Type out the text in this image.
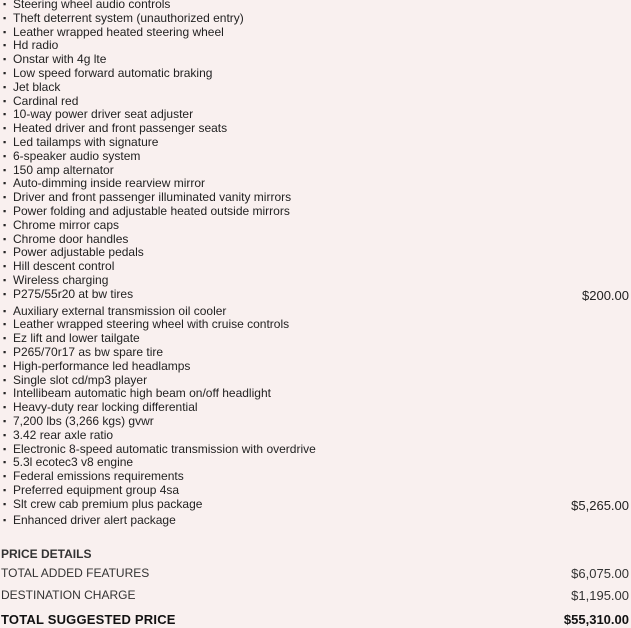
▪ Steering wheel audio controls
▪ Theft deterrent system (unauthorized entry)
▪ Leather wrapped heated steering wheel
▪ Hd radio
▪ Onstar with 4g lte
▪ Low speed forward automatic braking
▪ Jet black
▪ Cardinal red
▪ 10-way power driver seat adjuster
▪ Heated driver and front passenger seats
▪ Led tailamps with signature
▪ 6-speaker audio system
▪ 150 amp alternator
▪ Auto-dimming inside rearview mirror
▪ Driver and front passenger illuminated vanity mirrors
▪ Power folding and adjustable heated outside mirrors
▪ Chrome mirror caps
▪ Chrome door handles
▪ Power adjustable pedals
▪ Hill descent control
▪ Wireless charging
▪ P275/55r20 at bw tires	$200.00
▪ Auxiliary external transmission oil cooler
▪ Leather wrapped steering wheel with cruise controls
▪ Ez lift and lower tailgate
▪ P265/70r17 as bw spare tire
▪ High-performance led headlamps
▪ Single slot cd/mp3 player
▪ Intellibeam automatic high beam on/off headlight
▪ Heavy-duty rear locking differential
▪ 7,200 lbs (3,266 kgs) gvwr
▪ 3.42 rear axle ratio
▪ Electronic 8-speed automatic transmission with overdrive
▪ 5.3l ecotec3 v8 engine
▪ Federal emissions requirements
▪ Preferred equipment group 4sa
▪ Slt crew cab premium plus package	$5,265.00
▪ Enhanced driver alert package
PRICE DETAILS
TOTAL ADDED FEATURES	$6,075.00
DESTINATION CHARGE	$1,195.00
TOTAL SUGGESTED PRICE	$55,310.00
